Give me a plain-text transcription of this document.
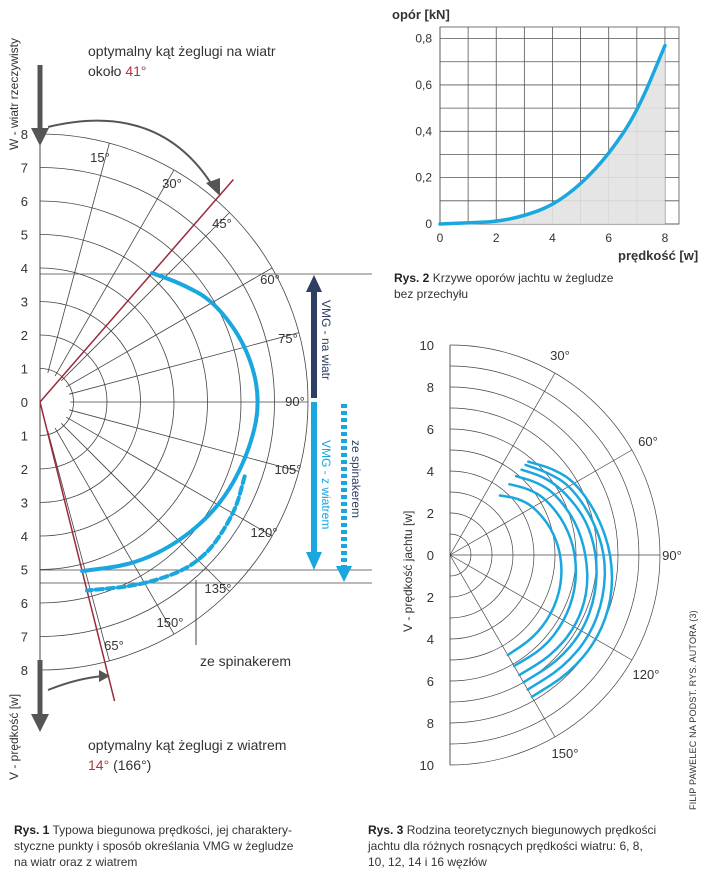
8
7
6
5
4
3
2
1
0
1
2
3
4
5
6
7
8
15°
30°
45°
60°
75°
90°
105°
120°
135°
150°
65°
W - wiatr rzeczywisty
V - prędkość [w]
optymalny kąt żeglugi na wiatr
około 41°
optymalny kąt żeglugi z wiatrem
14° (166°)
VMG - na wiatr
VMG - z wiatrem ze spinakerem
ze spinakerem
0	2	4	6	8
0
0,2
0,4
0,6
0,8
opór [kN]
prędkość [w]
10
8
6
4
2
0
2
4
6
8
10
30°
60°
90°
120°
150°
V - prędkość jachtu [w]
Rys. 1 Typowa biegunowa prędkości, jej charaktery-
styczne punkty i sposób określania VMG w żegludze
na wiatr oraz z wiatrem
Rys. 2 Krzywe oporów jachtu w żegludze
bez przechyłu
Rys. 3 Rodzina teoretycznych biegunowych prędkości
jachtu dla różnych rosnących prędkości wiatru: 6, 8,
10, 12, 14 i 16 węzłów
FILIP PAWELEC NA PODST. RYS. AUTORA (3)
